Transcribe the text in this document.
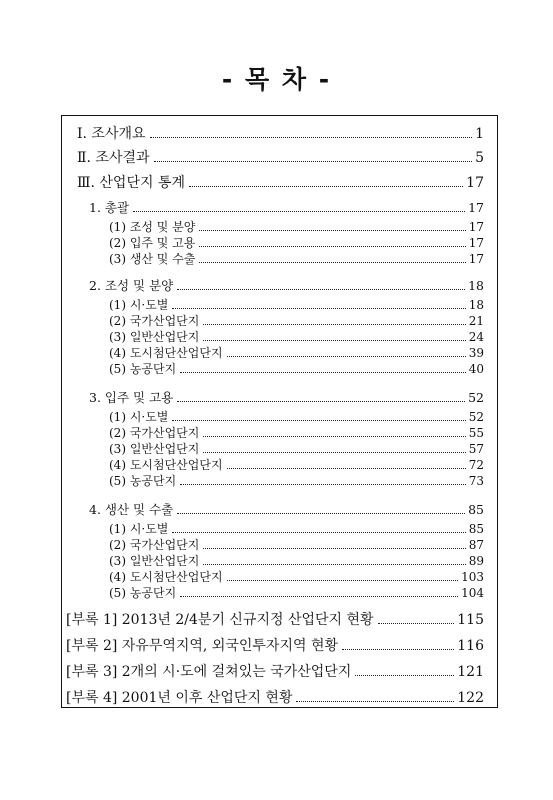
- 목 차 -
Ⅰ. 조사개요	1
Ⅱ. 조사결과	5
Ⅲ. 산업단지 통계	17
1. 총괄	17
(1) 조성 및 분양	17
(2) 입주 및 고용	17
(3) 생산 및 수출	17
2. 조성 및 분양	18
(1) 시·도별	18
(2) 국가산업단지	21
(3) 일반산업단지	24
(4) 도시첨단산업단지	39
(5) 농공단지	40
3. 입주 및 고용	52
(1) 시·도별	52
(2) 국가산업단지	55
(3) 일반산업단지	57
(4) 도시첨단산업단지	72
(5) 농공단지	73
4. 생산 및 수출	85
(1) 시·도별	85
(2) 국가산업단지	87
(3) 일반산업단지	89
(4) 도시첨단산업단지	103
(5) 농공단지	104
[부록 1] 2013년 2/4분기 신규지정 산업단지 현황	115
[부록 2] 자유무역지역, 외국인투자지역 현황	116
[부록 3] 2개의 시·도에 걸쳐있는 국가산업단지	121
[부록 4] 2001년 이후 산업단지 현황	122
